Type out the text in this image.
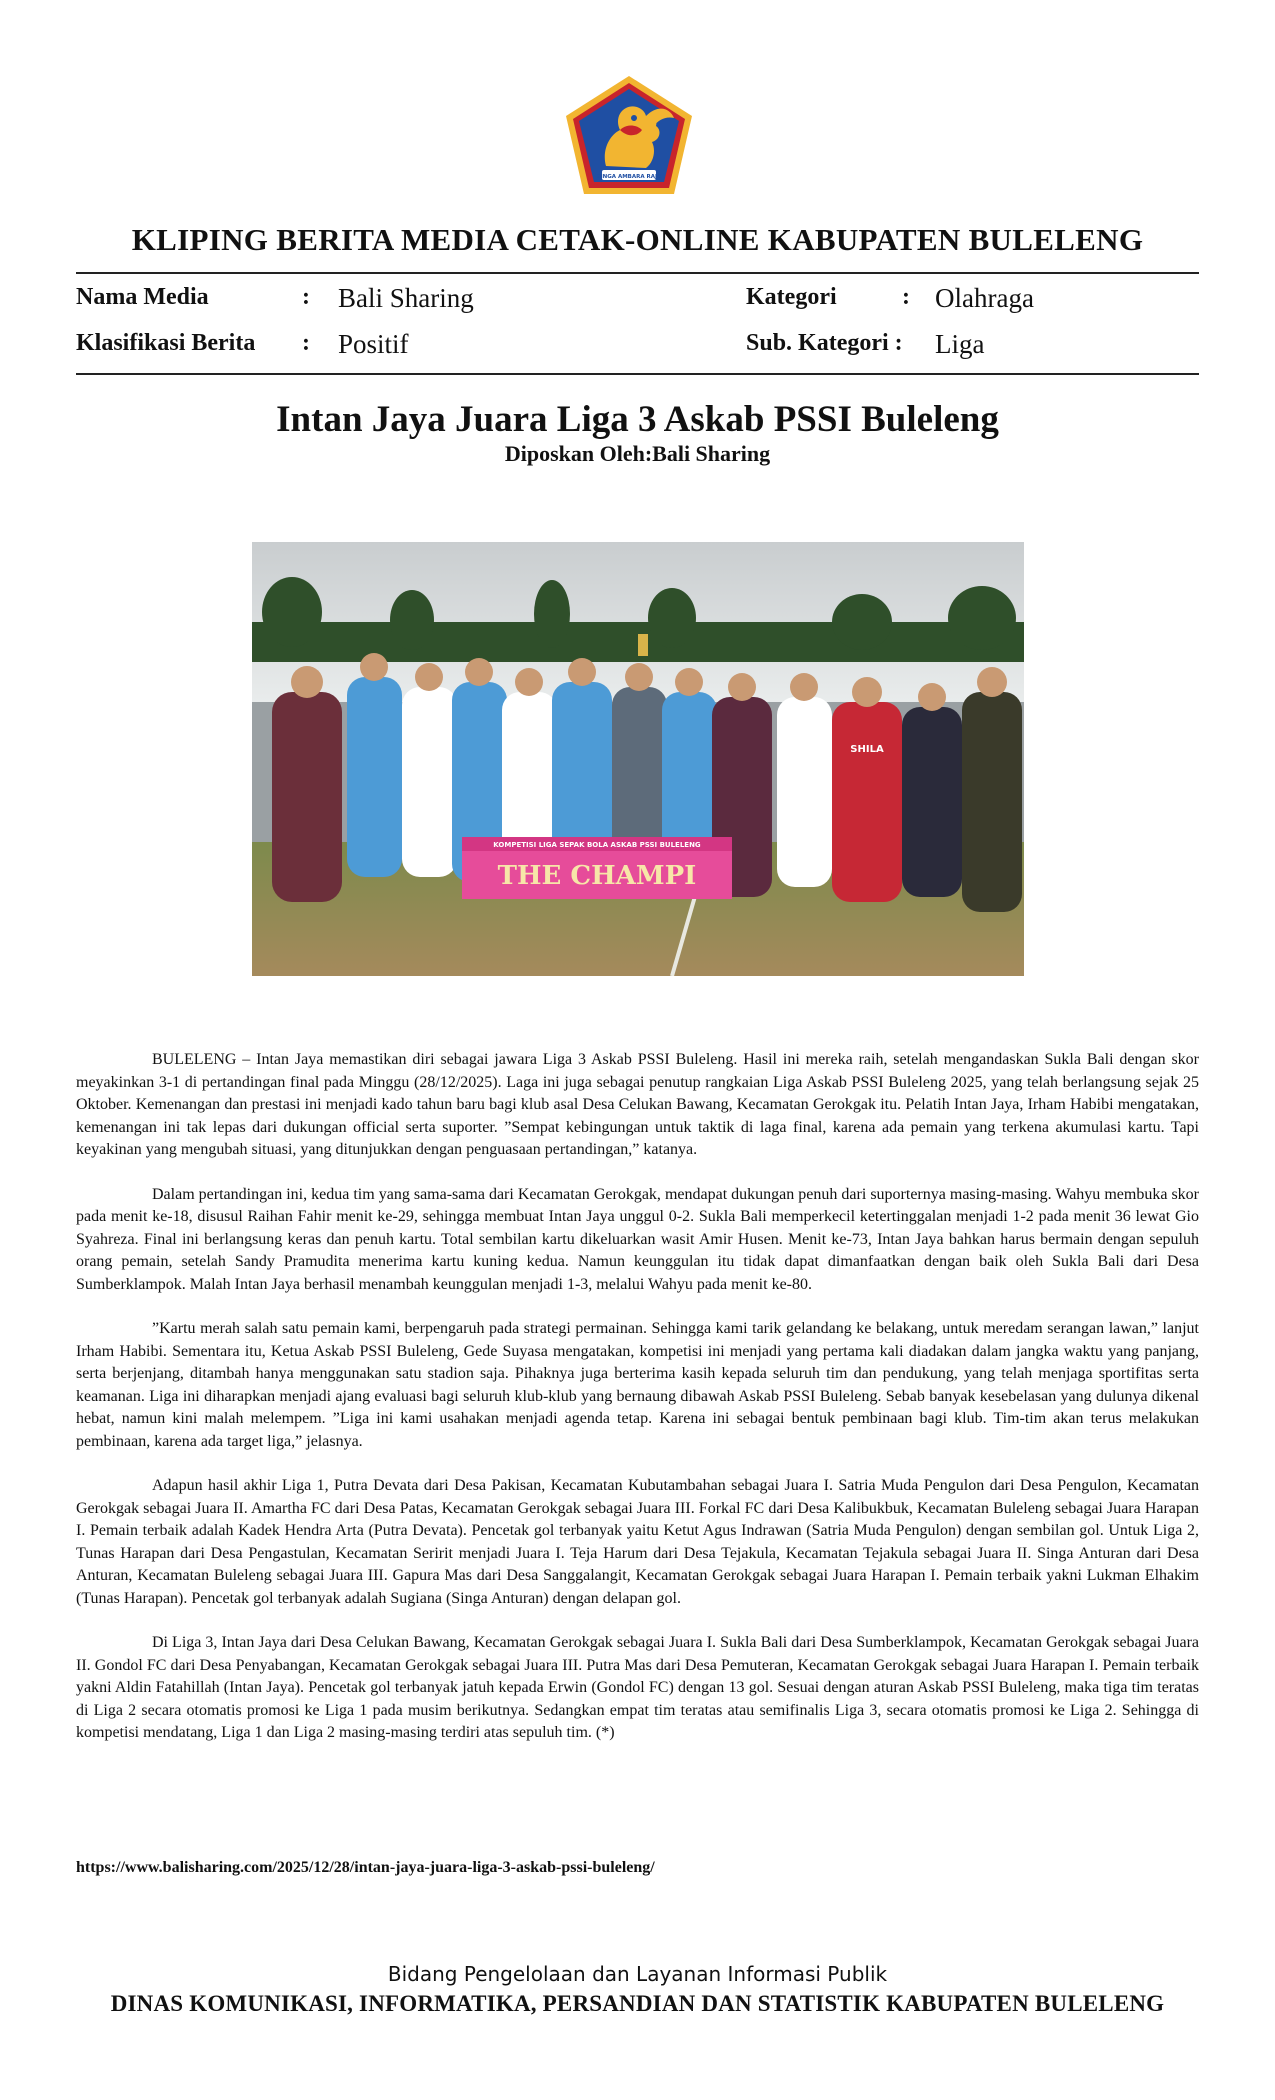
SINGA AMBARA RAJA
KLIPING BERITA MEDIA CETAK-ONLINE KABUPATEN BULELENG
Nama Media	: Bali Sharing	Kategori	: Olahraga
Klasifikasi Berita : Positif	Sub. Kategori : Liga
Intan Jaya Juara Liga 3 Askab PSSI Buleleng
Diposkan Oleh:Bali Sharing
KOMPETISI LIGA SEPAK BOLA ASKAB PSSI BULELENG
THE CHAMPI
SHILA

BULELENG – Intan Jaya memastikan diri sebagai jawara Liga 3 Askab PSSI Buleleng. Hasil ini mereka raih, setelah mengandaskan Sukla Bali dengan skor meyakinkan 3-1 di pertandingan final pada Minggu (28/12/2025). Laga ini juga sebagai penutup rangkaian Liga Askab PSSI Buleleng 2025, yang telah berlangsung sejak 25 Oktober. Kemenangan dan prestasi ini menjadi kado tahun baru bagi klub asal Desa Celukan Bawang, Kecamatan Gerokgak itu. Pelatih Intan Jaya, Irham Habibi mengatakan, kemenangan ini tak lepas dari dukungan official serta suporter. ”Sempat kebingungan untuk taktik di laga final, karena ada pemain yang terkena akumulasi kartu. Tapi keyakinan yang mengubah situasi, yang ditunjukkan dengan penguasaan pertandingan,” katanya.

Dalam pertandingan ini, kedua tim yang sama-sama dari Kecamatan Gerokgak, mendapat dukungan penuh dari suporternya masing-masing. Wahyu membuka skor pada menit ke-18, disusul Raihan Fahir menit ke-29, sehingga membuat Intan Jaya unggul 0-2. Sukla Bali memperkecil ketertinggalan menjadi 1-2 pada menit 36 lewat Gio Syahreza. Final ini berlangsung keras dan penuh kartu. Total sembilan kartu dikeluarkan wasit Amir Husen. Menit ke-73, Intan Jaya bahkan harus bermain dengan sepuluh orang pemain, setelah Sandy Pramudita menerima kartu kuning kedua. Namun keunggulan itu tidak dapat dimanfaatkan dengan baik oleh Sukla Bali dari Desa Sumberklampok. Malah Intan Jaya berhasil menambah keunggulan menjadi 1-3, melalui Wahyu pada menit ke-80.

”Kartu merah salah satu pemain kami, berpengaruh pada strategi permainan. Sehingga kami tarik gelandang ke belakang, untuk meredam serangan lawan,” lanjut Irham Habibi. Sementara itu, Ketua Askab PSSI Buleleng, Gede Suyasa mengatakan, kompetisi ini menjadi yang pertama kali diadakan dalam jangka waktu yang panjang, serta berjenjang, ditambah hanya menggunakan satu stadion saja. Pihaknya juga berterima kasih kepada seluruh tim dan pendukung, yang telah menjaga sportifitas serta keamanan. Liga ini diharapkan menjadi ajang evaluasi bagi seluruh klub-klub yang bernaung dibawah Askab PSSI Buleleng. Sebab banyak kesebelasan yang dulunya dikenal hebat, namun kini malah melempem. ”Liga ini kami usahakan menjadi agenda tetap. Karena ini sebagai bentuk pembinaan bagi klub. Tim-tim akan terus melakukan pembinaan, karena ada target liga,” jelasnya.

Adapun hasil akhir Liga 1, Putra Devata dari Desa Pakisan, Kecamatan Kubutambahan sebagai Juara I. Satria Muda Pengulon dari Desa Pengulon, Kecamatan Gerokgak sebagai Juara II. Amartha FC dari Desa Patas, Kecamatan Gerokgak sebagai Juara III. Forkal FC dari Desa Kalibukbuk, Kecamatan Buleleng sebagai Juara Harapan I. Pemain terbaik adalah Kadek Hendra Arta (Putra Devata). Pencetak gol terbanyak yaitu Ketut Agus Indrawan (Satria Muda Pengulon) dengan sembilan gol. Untuk Liga 2, Tunas Harapan dari Desa Pengastulan, Kecamatan Seririt menjadi Juara I. Teja Harum dari Desa Tejakula, Kecamatan Tejakula sebagai Juara II. Singa Anturan dari Desa Anturan, Kecamatan Buleleng sebagai Juara III. Gapura Mas dari Desa Sanggalangit, Kecamatan Gerokgak sebagai Juara Harapan I. Pemain terbaik yakni Lukman Elhakim (Tunas Harapan). Pencetak gol terbanyak adalah Sugiana (Singa Anturan) dengan delapan gol.

Di Liga 3, Intan Jaya dari Desa Celukan Bawang, Kecamatan Gerokgak sebagai Juara I. Sukla Bali dari Desa Sumberklampok, Kecamatan Gerokgak sebagai Juara II. Gondol FC dari Desa Penyabangan, Kecamatan Gerokgak sebagai Juara III. Putra Mas dari Desa Pemuteran, Kecamatan Gerokgak sebagai Juara Harapan I. Pemain terbaik yakni Aldin Fatahillah (Intan Jaya). Pencetak gol terbanyak jatuh kepada Erwin (Gondol FC) dengan 13 gol. Sesuai dengan aturan Askab PSSI Buleleng, maka tiga tim teratas di Liga 2 secara otomatis promosi ke Liga 1 pada musim berikutnya. Sedangkan empat tim teratas atau semifinalis Liga 3, secara otomatis promosi ke Liga 2. Sehingga di kompetisi mendatang, Liga 1 dan Liga 2 masing-masing terdiri atas sepuluh tim. (*)

https://www.balisharing.com/2025/12/28/intan-jaya-juara-liga-3-askab-pssi-buleleng/
Bidang Pengelolaan dan Layanan Informasi Publik
DINAS KOMUNIKASI, INFORMATIKA, PERSANDIAN DAN STATISTIK KABUPATEN BULELENG
